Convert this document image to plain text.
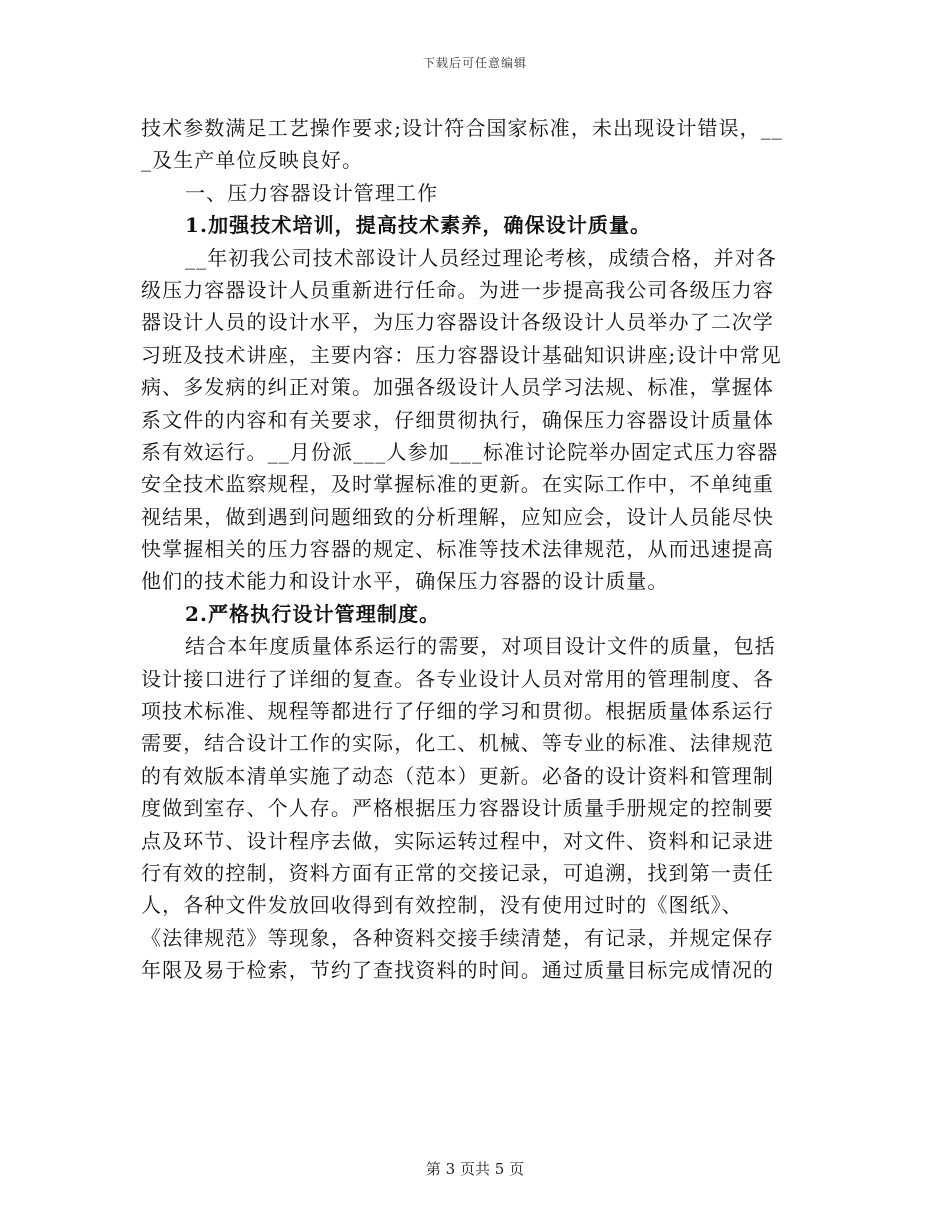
下载后可任意编辑
技术参数满足工艺操作要求;设计符合国家标准，未出现设计错误，__
_及生产单位反映良好。
一、压力容器设计管理工作
1.加强技术培训，提高技术素养，确保设计质量。
__年初我公司技术部设计人员经过理论考核，成绩合格，并对各
级压力容器设计人员重新进行任命。为进一步提高我公司各级压力容
器设计人员的设计水平，为压力容器设计各级设计人员举办了二次学
习班及技术讲座，主要内容：压力容器设计基础知识讲座;设计中常见
病、多发病的纠正对策。加强各级设计人员学习法规、标准，掌握体
系文件的内容和有关要求，仔细贯彻执行，确保压力容器设计质量体
系有效运行。__月份派___人参加___标准讨论院举办固定式压力容器
安全技术监察规程，及时掌握标准的更新。在实际工作中，不单纯重
视结果，做到遇到问题细致的分析理解，应知应会，设计人员能尽快
快掌握相关的压力容器的规定、标准等技术法律规范，从而迅速提高
他们的技术能力和设计水平，确保压力容器的设计质量。
2.严格执行设计管理制度。
结合本年度质量体系运行的需要，对项目设计文件的质量，包括
设计接口进行了详细的复查。各专业设计人员对常用的管理制度、各
项技术标准、规程等都进行了仔细的学习和贯彻。根据质量体系运行
需要，结合设计工作的实际，化工、机械、等专业的标准、法律规范
的有效版本清单实施了动态（范本）更新。必备的设计资料和管理制
度做到室存、个人存。严格根据压力容器设计质量手册规定的控制要
点及环节、设计程序去做，实际运转过程中，对文件、资料和记录进
行有效的控制，资料方面有正常的交接记录，可追溯，找到第一责任
人，各种文件发放回收得到有效控制，没有使用过时的《图纸》、
《法律规范》等现象，各种资料交接手续清楚，有记录，并规定保存
年限及易于检索，节约了查找资料的时间。通过质量目标完成情况的
第 3 页共 5 页
